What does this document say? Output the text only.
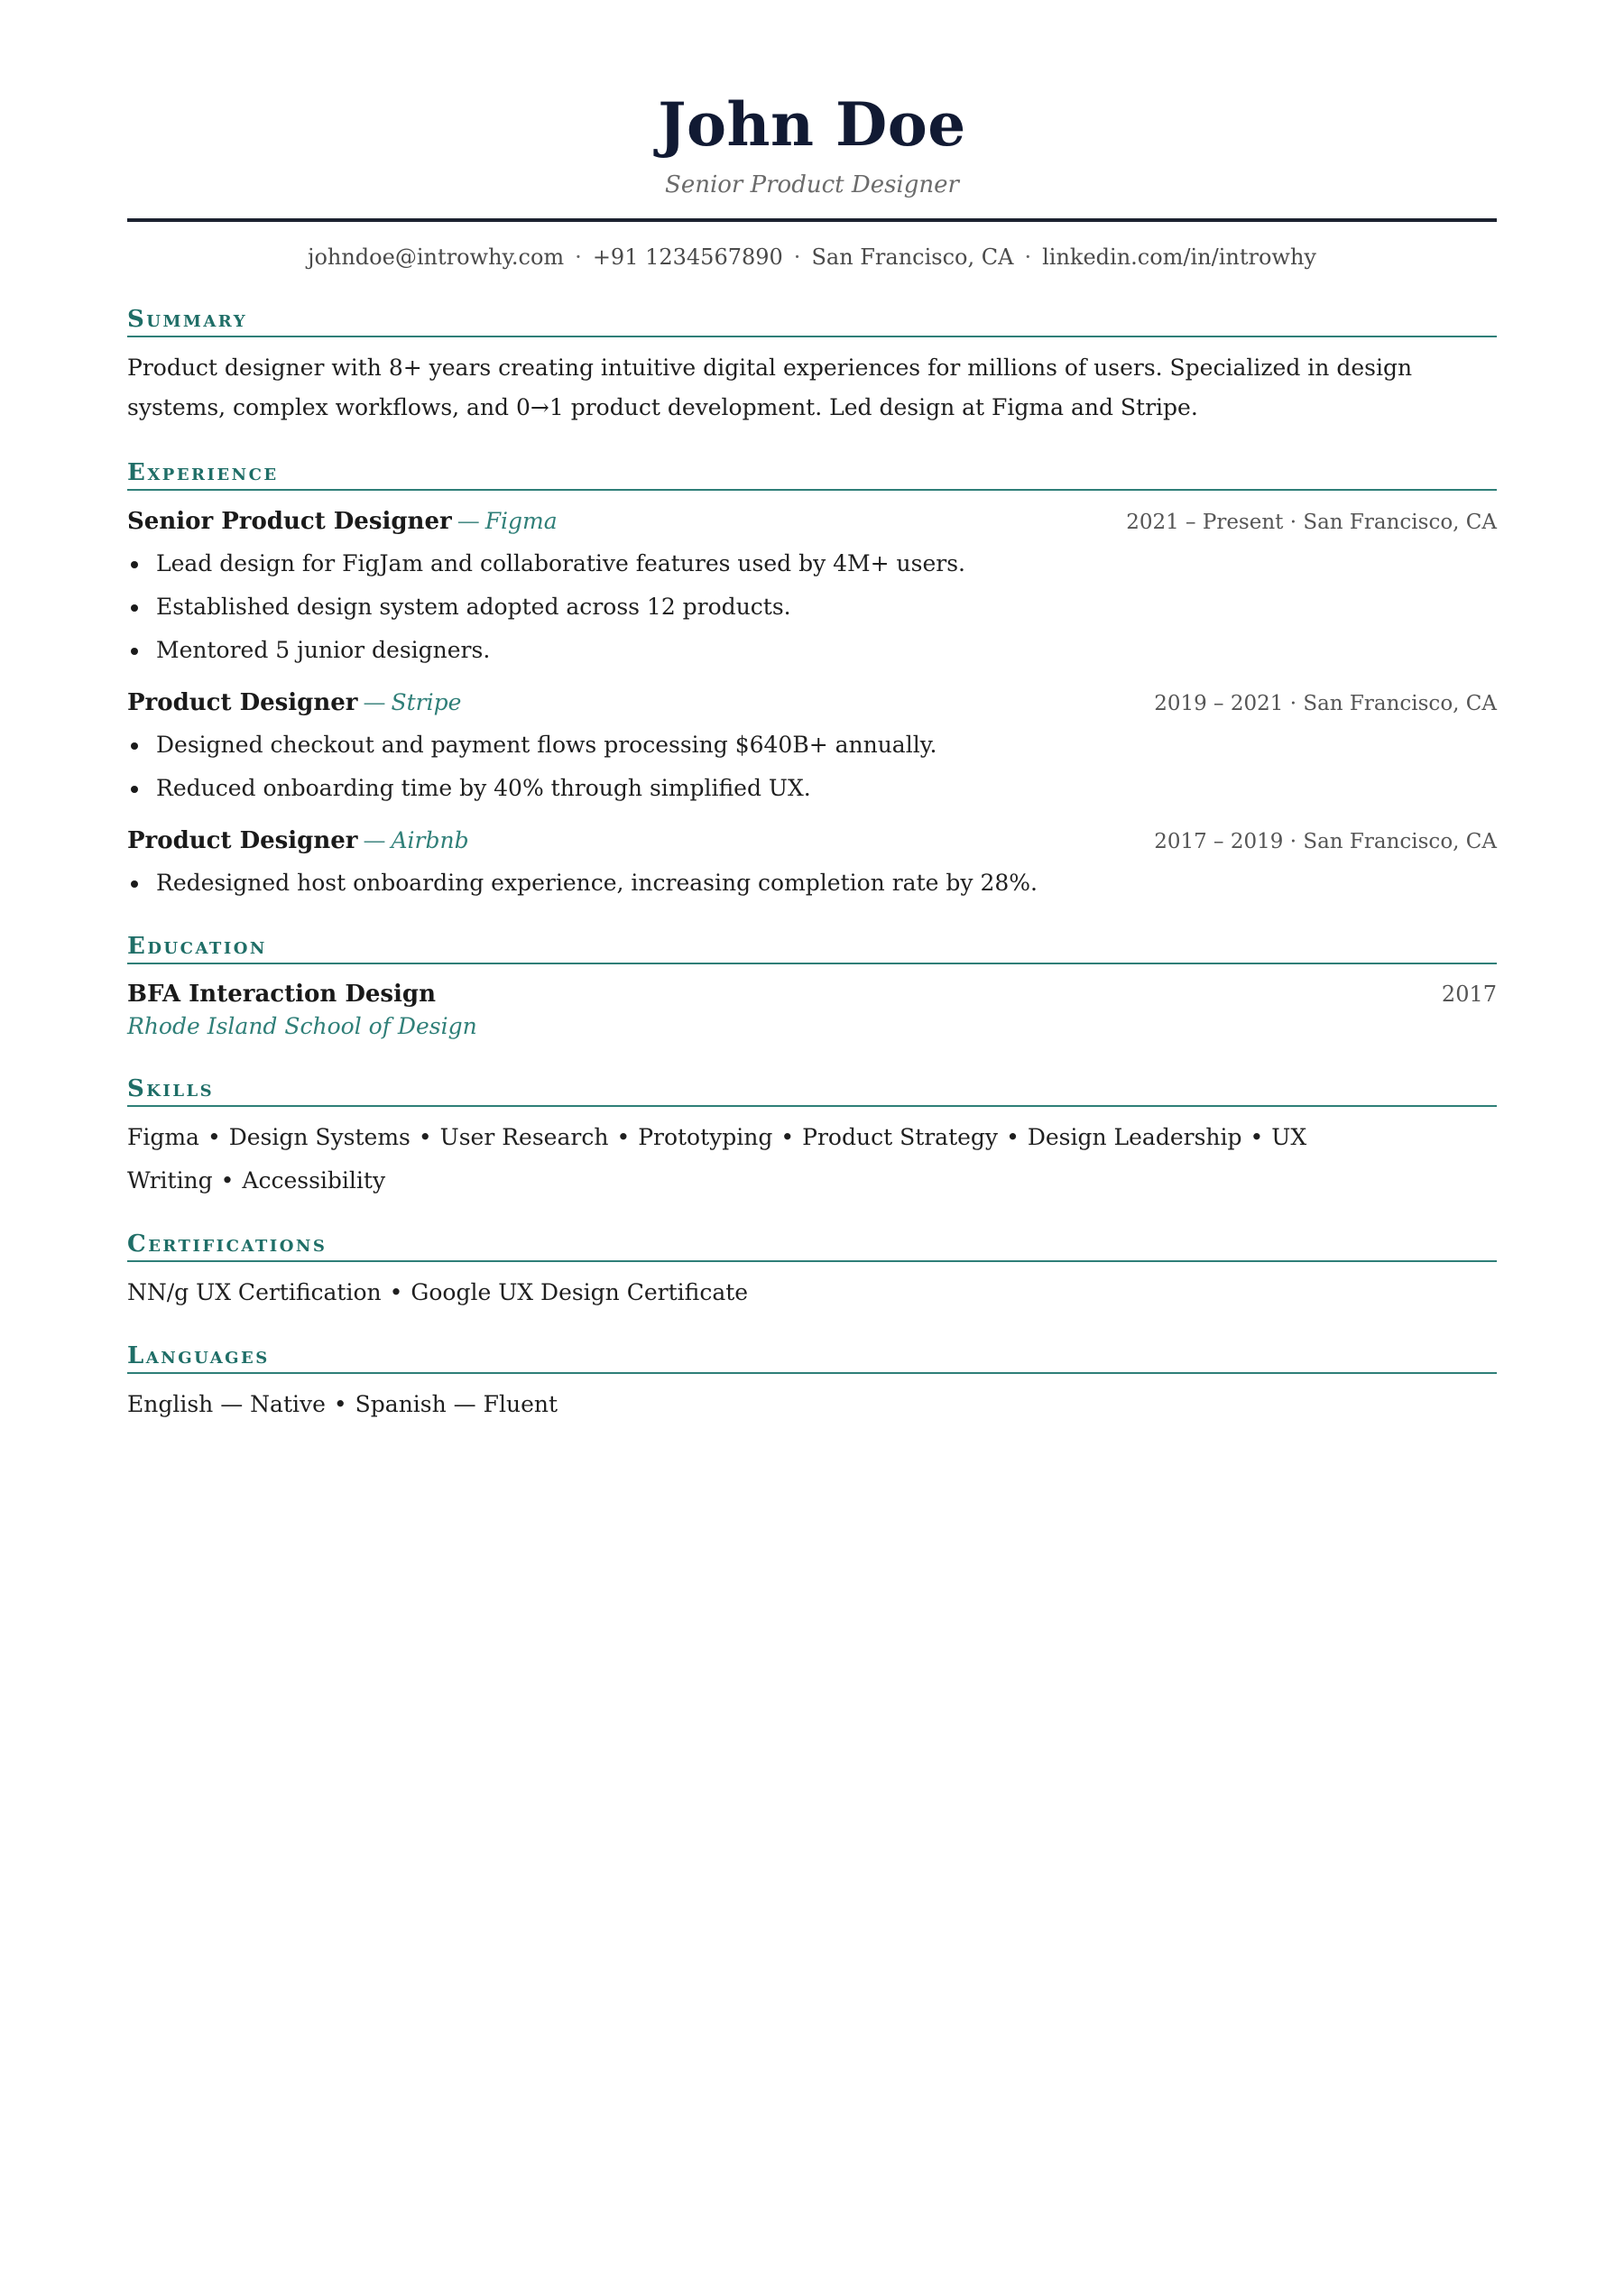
John Doe
Senior Product Designer
johndoe@introwhy.com · +91 1234567890 · San Francisco, CA · linkedin.com/in/introwhy
Summary
Product designer with 8+ years creating intuitive digital experiences for millions of users. Specialized in design systems, complex workflows, and 0→1 product development. Led design at Figma and Stripe.
Experience
Senior Product Designer — Figma	2021 – Present · San Francisco, CA
Lead design for FigJam and collaborative features used by 4M+ users.
Established design system adopted across 12 products.
Mentored 5 junior designers.
Product Designer — Stripe	2019 – 2021 · San Francisco, CA
Designed checkout and payment flows processing $640B+ annually.
Reduced onboarding time by 40% through simplified UX.
Product Designer — Airbnb	2017 – 2019 · San Francisco, CA
Redesigned host onboarding experience, increasing completion rate by 28%.
Education
BFA Interaction Design	2017
Rhode Island School of Design
Skills
Figma • Design Systems • User Research • Prototyping • Product Strategy • Design Leadership • UX Writing • Accessibility
Certifications
NN/g UX Certification • Google UX Design Certificate
Languages
English — Native • Spanish — Fluent
